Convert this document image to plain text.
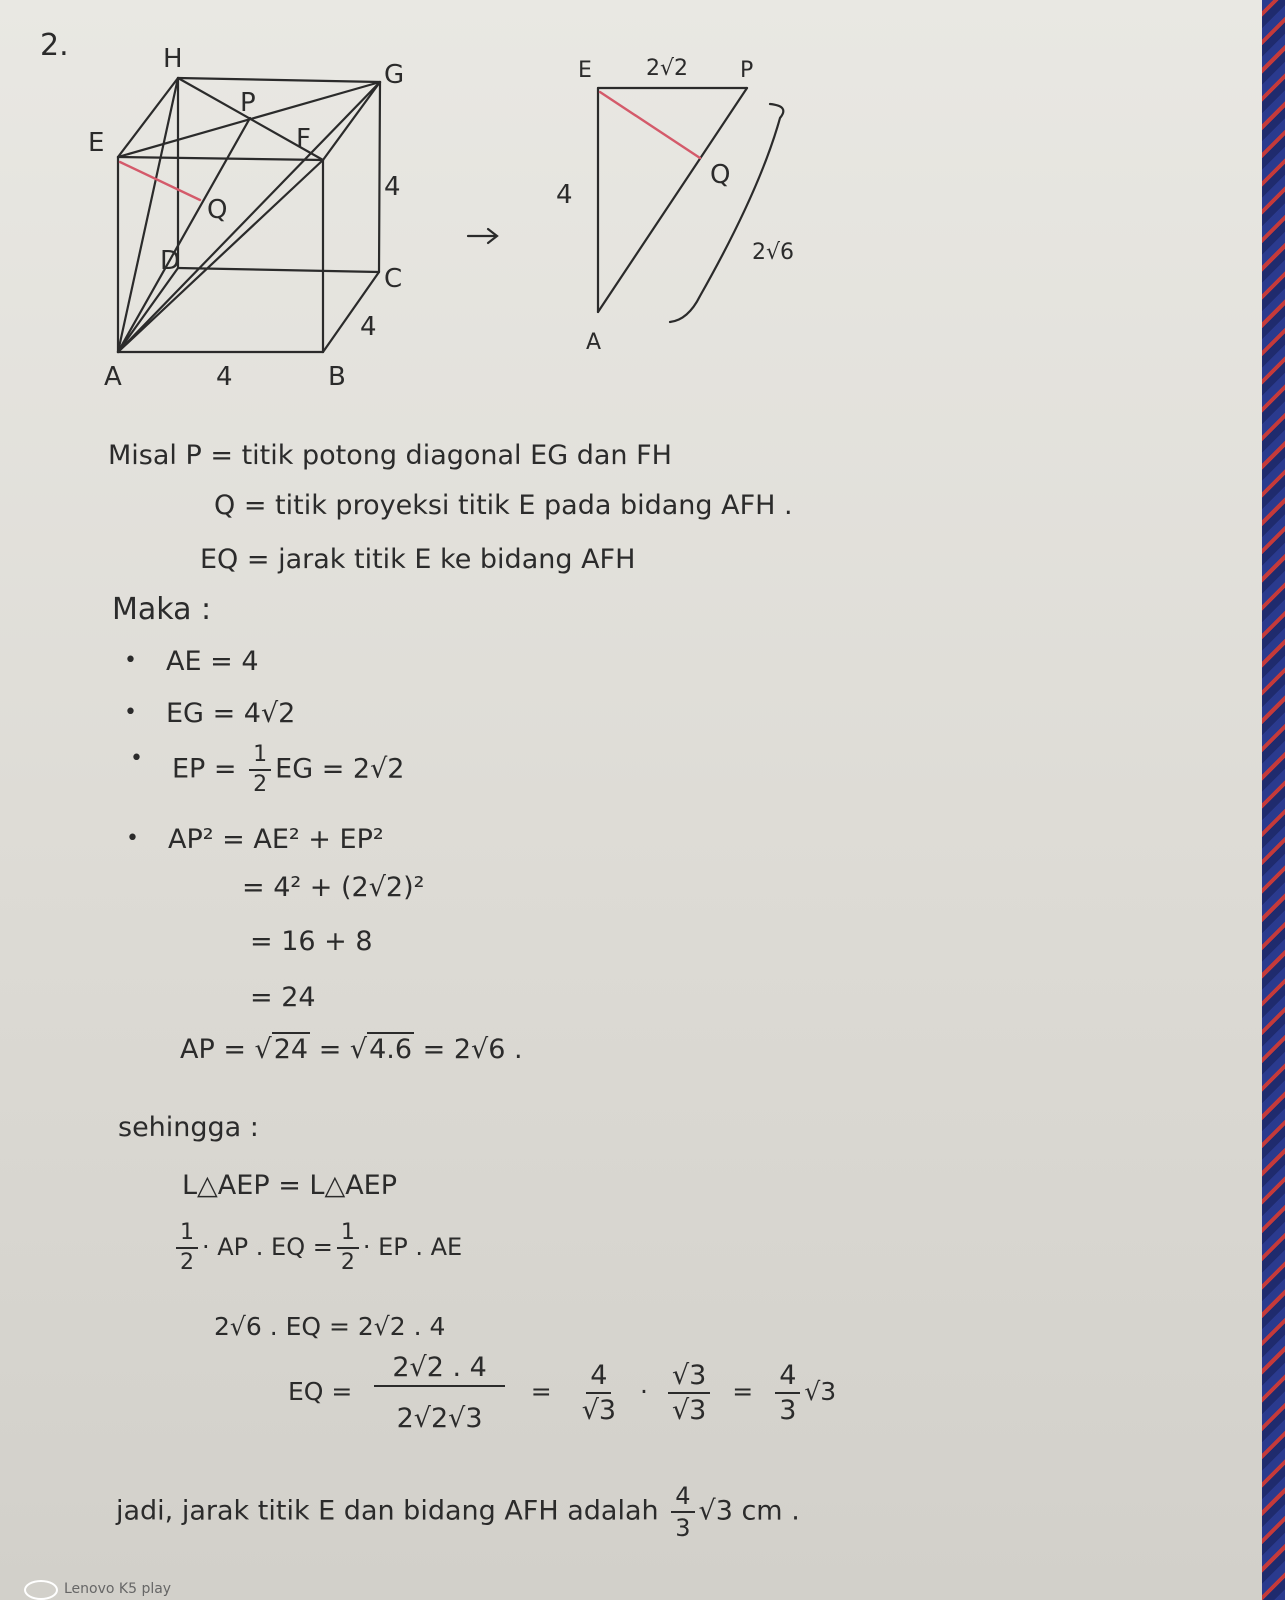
2.	H
G
P
E	F
Q
4
D
C
4
A	4	B
E 2√2 P
Q
4
2√6
A
Misal P = titik potong diagonal EG dan FH
Q = titik proyeksi titik E pada bidang AFH .
EQ = jarak titik E ke bidang AFH
Maka :
• AE = 4
• EG = 4√2
• EP = $\frac{1}{2}$ EG = 2√2
• AP² = AE² + EP²
= 4² + (2√2)²
= 16 + 8
= 24
AP = √24 = √4.6 = 2√6 .
sehingga :
L△AEP = L△AEP
$\frac{1}{2}$ · AP . EQ = $\frac{1}{2}$ · EP . AE
2√6 . EQ = 2√2 . 4
EQ = $\frac{2√2 . 4}{2√2√3} = \frac{4}{√3} \cdot \frac{√3}{√3} = \frac{4}{3} √3$
jadi, jarak titik E dan bidang AFH adalah $\frac{4}{3} √3$ cm .
Lenovo K5 play
